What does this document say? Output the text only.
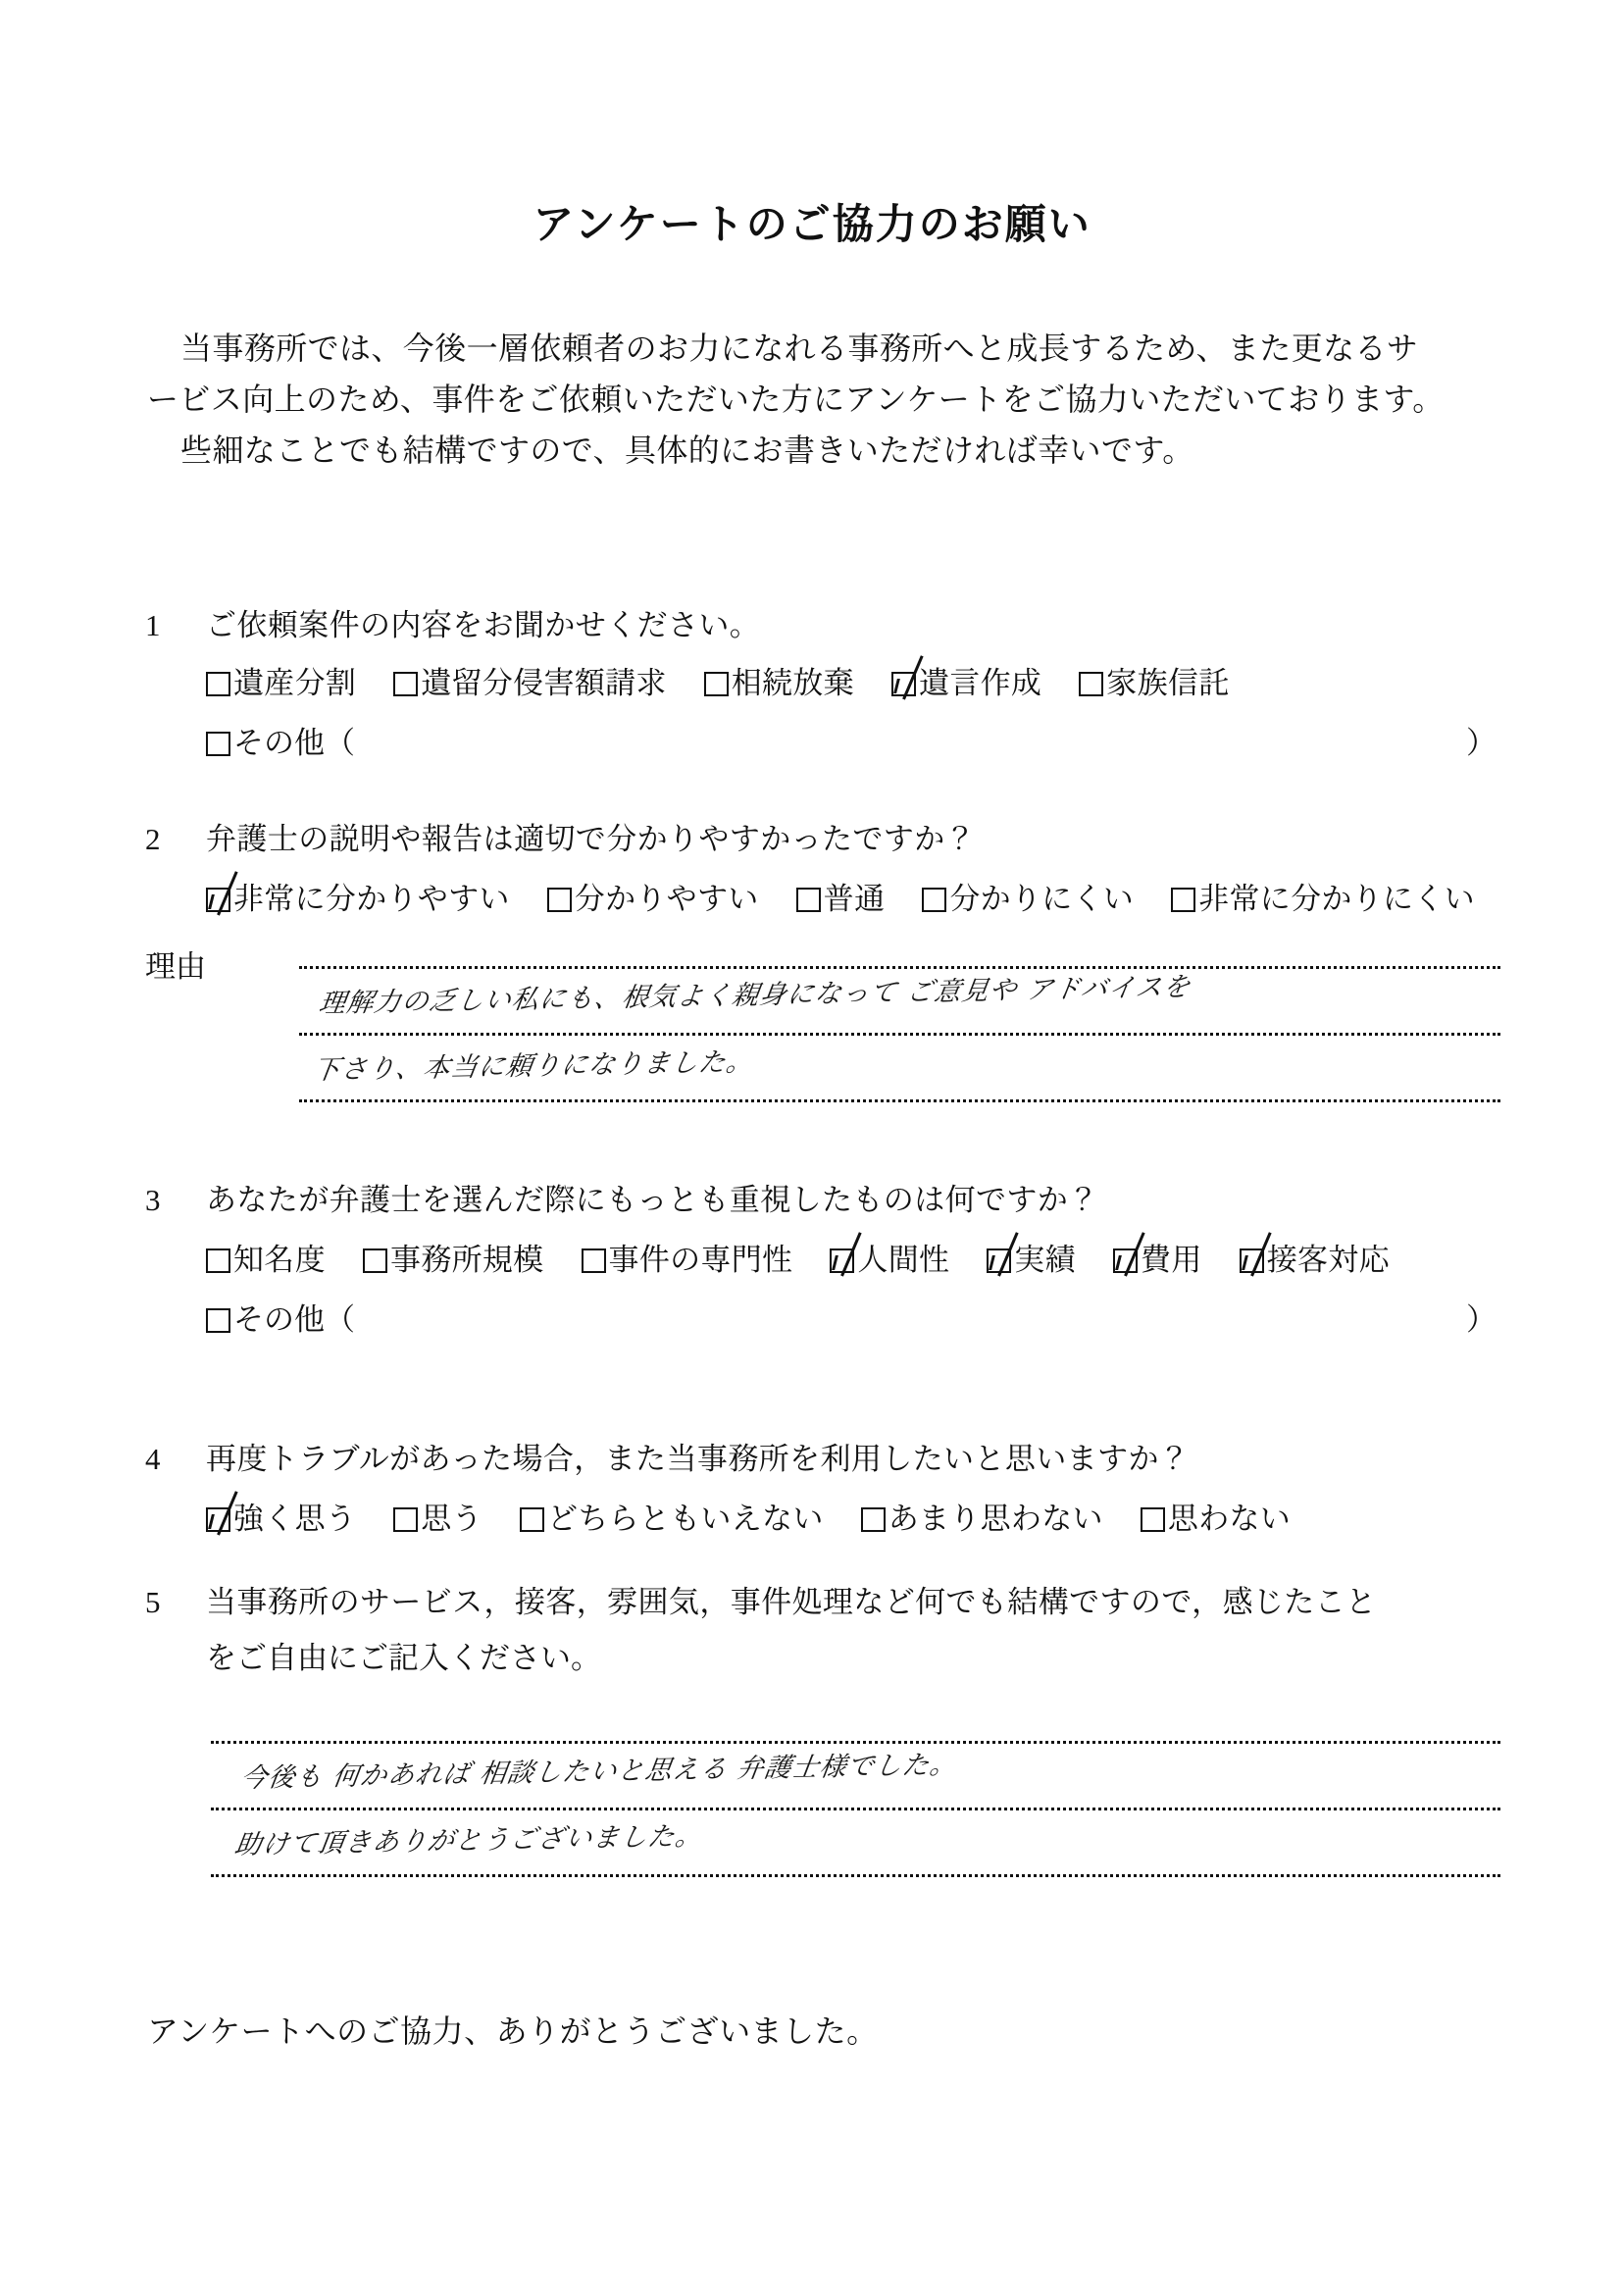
アンケートのご協力のお願い

当事務所では、今後一層依頼者のお力になれる事務所へと成長するため、また更なるサ

ービス向上のため、事件をご依頼いただいた方にアンケートをご協力いただいております。

些細なことでも結構ですので、具体的にお書きいただければ幸いです。

1	ご依頼案件の内容をお聞かせください。
遺産分割 遺留分侵害額請求 相続放棄 遺言作成 家族信託
その他（	）
2	弁護士の説明や報告は適切で分かりやすかったですか？
非常に分かりやすい 分かりやすい 普通 分かりにくい 非常に分かりにくい
理由
理解力の乏しい私にも、根気よく親身になって ご意見や アドバイスを
下さり、本当に頼りになりました。
3	あなたが弁護士を選んだ際にもっとも重視したものは何ですか？
知名度 事務所規模 事件の専門性 人間性 実績 費用 接客対応
その他（	）
4	再度トラブルがあった場合，また当事務所を利用したいと思いますか？
強く思う 思う どちらともいえない あまり思わない 思わない
5	当事務所のサービス，接客，雰囲気，事件処理など何でも結構ですので，感じたこと
をご自由にご記入ください。
今後も 何かあれば 相談したいと思える 弁護士様でした。
助けて頂きありがとうございました。
アンケートへのご協力、ありがとうございました。
